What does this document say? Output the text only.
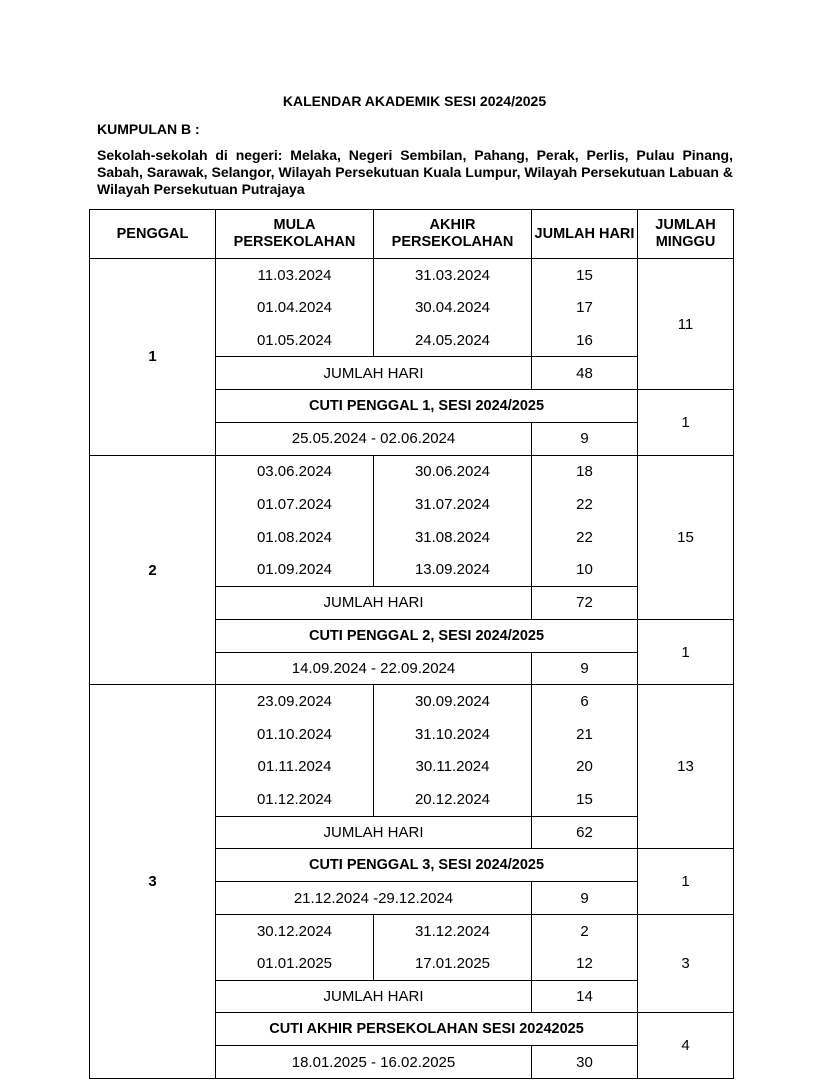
KALENDAR AKADEMIK SESI 2024/2025
KUMPULAN B :
Sekolah-sekolah di negeri: Melaka, Negeri Sembilan, Pahang, Perak, Perlis, Pulau Pinang, Sabah, Sarawak, Selangor, Wilayah Persekutuan Kuala Lumpur, Wilayah Persekutuan Labuan & Wilayah Persekutuan Putrajaya
PENGGAL	MULA PERSEKOLAHAN	AKHIR PERSEKOLAHAN	JUMLAH HARI	JUMLAH MINGGU
1	11.03.2024	31.03.2024	15	11
	01.04.2024	30.04.2024	17	
	01.05.2024	24.05.2024	16	
	JUMLAH HARI		48	
	CUTI PENGGAL 1, SESI 2024/2025			1
	25.05.2024 - 02.06.2024		9	
2	03.06.2024	30.06.2024	18	15
	01.07.2024	31.07.2024	22	
	01.08.2024	31.08.2024	22	
	01.09.2024	13.09.2024	10	
	JUMLAH HARI		72	
	CUTI PENGGAL 2, SESI 2024/2025			1
	14.09.2024 - 22.09.2024		9	
3	23.09.2024	30.09.2024	6	13
	01.10.2024	31.10.2024	21	
	01.11.2024	30.11.2024	20	
	01.12.2024	20.12.2024	15	
	JUMLAH HARI		62	
	CUTI PENGGAL 3, SESI 2024/2025			1
	21.12.2024 -29.12.2024		9	
	30.12.2024	31.12.2024	2	3
	01.01.2025	17.01.2025	12	
	JUMLAH HARI		14	
	CUTI AKHIR PERSEKOLAHAN SESI 20242025			4
	18.01.2025 - 16.02.2025		30	
